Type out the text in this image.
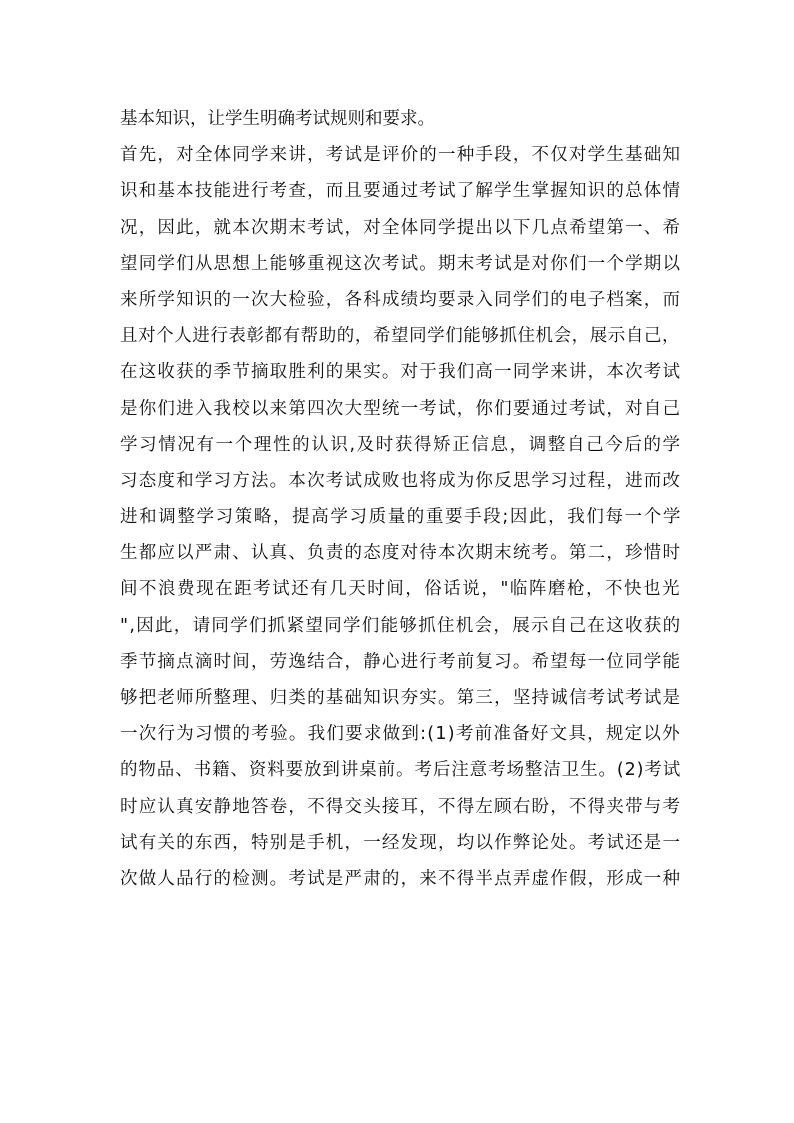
基本知识，让学生明确考试规则和要求。
首先，对全体同学来讲，考试是评价的一种手段，不仅对学生基础知
识和基本技能进行考查，而且要通过考试了解学生掌握知识的总体情
况，因此，就本次期末考试，对全体同学提出以下几点希望第一、希
望同学们从思想上能够重视这次考试。期末考试是对你们一个学期以
来所学知识的一次大检验，各科成绩均要录入同学们的电子档案，而
且对个人进行表彰都有帮助的，希望同学们能够抓住机会，展示自己，
在这收获的季节摘取胜利的果实。对于我们高一同学来讲，本次考试
是你们进入我校以来第四次大型统一考试，你们要通过考试，对自己
学习情况有一个理性的认识,及时获得矫正信息，调整自己今后的学
习态度和学习方法。本次考试成败也将成为你反思学习过程，进而改
进和调整学习策略，提高学习质量的重要手段;因此，我们每一个学
生都应以严肃、认真、负责的态度对待本次期末统考。第二，珍惜时
间不浪费现在距考试还有几天时间，俗话说，"临阵磨枪，不快也光
",因此，请同学们抓紧望同学们能够抓住机会，展示自己在这收获的
季节摘点滴时间，劳逸结合，静心进行考前复习。希望每一位同学能
够把老师所整理、归类的基础知识夯实。第三，坚持诚信考试考试是
一次行为习惯的考验。我们要求做到:(1)考前准备好文具，规定以外
的物品、书籍、资料要放到讲桌前。考后注意考场整洁卫生。(2)考试
时应认真安静地答卷，不得交头接耳，不得左顾右盼，不得夹带与考
试有关的东西，特别是手机，一经发现，均以作弊论处。考试还是一
次做人品行的检测。考试是严肃的，来不得半点弄虚作假，形成一种
